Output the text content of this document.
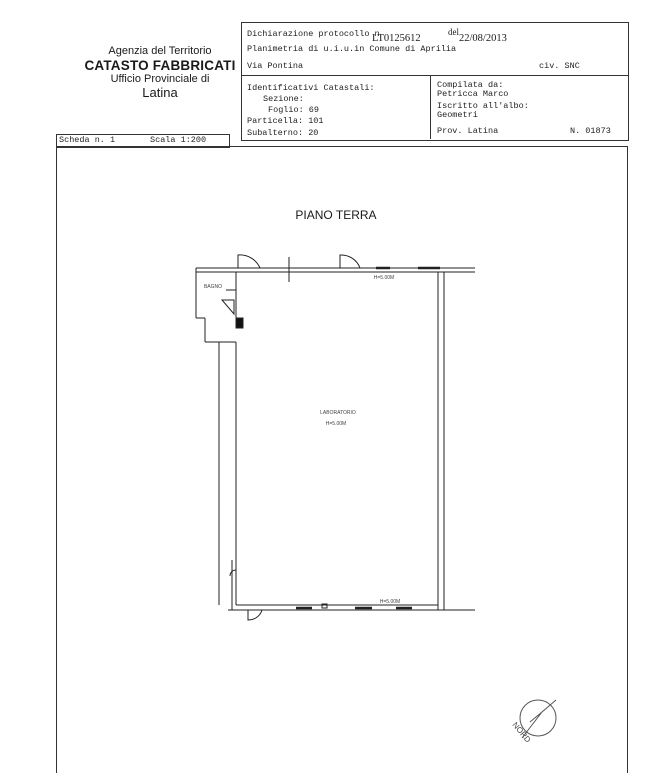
Agenzia del Territorio
CATASTO FABBRICATI
Ufficio Provinciale di
Latina
Dichiarazione protocollo n
LT0125612
del
22/08/2013
Planimetria di u.i.u.in Comune di Aprilia
Via Pontina	civ. SNC
Identificativi Catastali:
Sezione:
Foglio: 69
Particella: 101
Subalterno: 20
Compilata da:
Petricca Marco
Iscritto all'albo:
Geometri
Prov. Latina	N. 01873
Scheda n. 1	Scala 1:200
PIANO TERRA
BAGNO
H=5.00M
LABORATORIO
H=5.00M
H=5.00M
NORD
